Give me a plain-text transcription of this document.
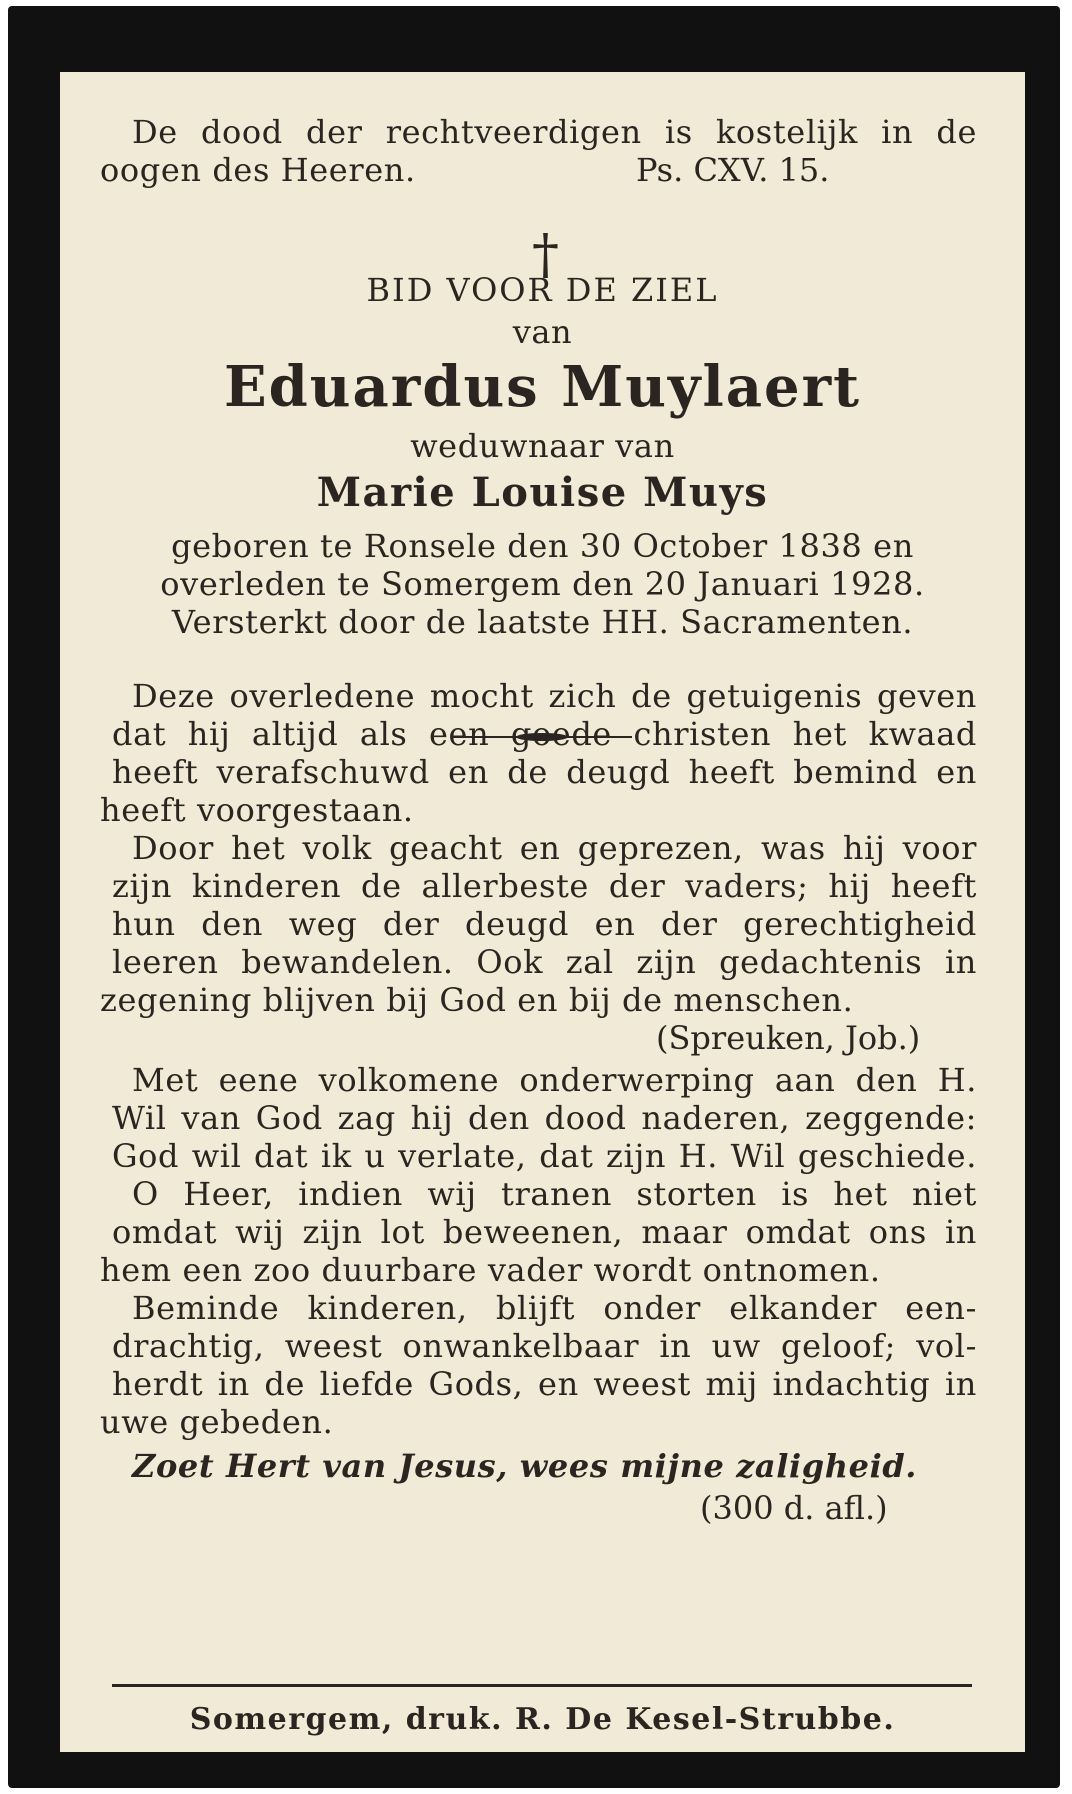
De dood der rechtveerdigen is kostelijk in de
oogen des Heeren.	Ps. CXV. 15.
†
BID VOOR DE ZIEL
van
Eduardus Muylaert
weduwnaar van
Marie Louise Muys
geboren te Ronsele den 30 October 1838 en
overleden te Somergem den 20 Januari 1928.
Versterkt door de laatste HH. Sacramenten.
Deze overledene mocht zich de getuigenis geven
dat hij altijd als een goede christen het kwaad
heeft verafschuwd en de deugd heeft bemind en
heeft voorgestaan.
Door het volk geacht en geprezen, was hij voor
zijn kinderen de allerbeste der vaders; hij heeft
hun den weg der deugd en der gerechtigheid
leeren bewandelen. Ook zal zijn gedachtenis in
zegening blijven bij God en bij de menschen.
(Spreuken, Job.)
Met eene volkomene onderwerping aan den H.
Wil van God zag hij den dood naderen, zeggende:
God wil dat ik u verlate, dat zijn H. Wil geschiede.
O Heer, indien wij tranen storten is het niet
omdat wij zijn lot beweenen, maar omdat ons in
hem een zoo duurbare vader wordt ontnomen.
Beminde kinderen, blijft onder elkander een-
drachtig, weest onwankelbaar in uw geloof; vol-
herdt in de liefde Gods, en weest mij indachtig in
uwe gebeden.
Zoet Hert van Jesus, wees mijne zaligheid.
(300 d. afl.)
Somergem, druk. R. De Kesel-Strubbe.
